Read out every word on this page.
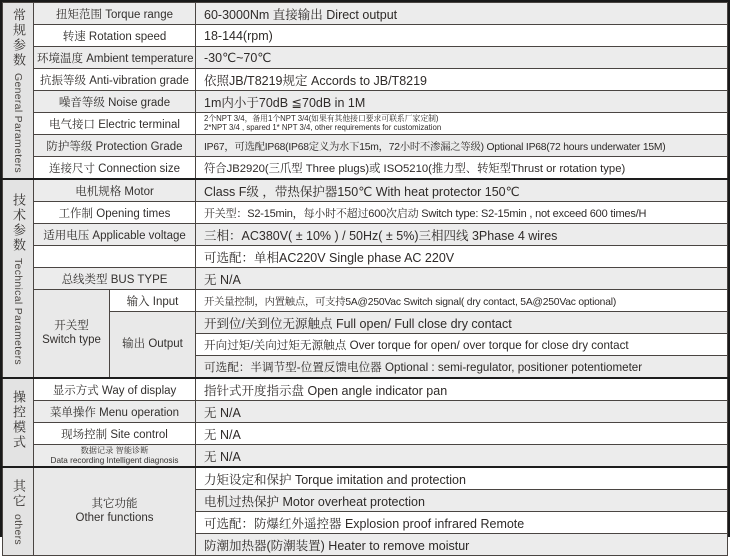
常规参数General Parameters	扭矩范围 Torque range		60-3000Nm 直接输出 Direct output
	转速 Rotation speed		18-144(rpm)
	环境温度 Ambient temperature		-30℃~70℃
	抗振等级 Anti-vibration grade		依照JB/T8219规定 Accords to JB/T8219
	噪音等级 Noise grade		1m内小于70dB ≦70dB in 1M
	电气接口 Electric terminal		2个NPT 3/4，备用1个NPT 3/4(如果有其他接口要求可联系厂家定制)
2*NPT 3/4 , spared 1* NPT 3/4, other requirements for customization

	防护等级 Protection Grade		IP67，可选配IP68(IP68定义为水下15m，72小时不渗漏之等级) Optional IP68(72 hours underwater 15M)
	连接尺寸 Connection size		符合JB2920(三爪型 Three plugs)或 ISO5210(推力型、转矩型Thrust or rotation type)

技术参数Technical Parameters	电机规格 Motor		Class F级 ，带热保护器150℃ With heat protector 150℃
	工作制 Opening times		开关型：S2-15min，每小时不超过600次启动 Switch type: S2-15min , not exceed 600 times/H
	适用电压 Applicable voltage		三相：AC380V( ± 10% ) / 50Hz( ± 5%)三相四线 3Phase 4 wires
			可选配：单相AC220V Single phase AC 220V
	总线类型 BUS TYPE		无 N/A

	开关型
Switch type	输入 Input	开关量控制，内置触点，可支持5A@250Vac Switch signal( dry contact, 5A@250Vac optional)
		输出 Output	开到位/关到位无源触点 Full open/ Full close dry contact
			开向过矩/关向过矩无源触点 Over torque for open/ over torque for close dry contact
			可选配：半调节型-位置反馈电位器 Optional : semi-regulator, positioner potentiometer

操控模式	显示方式 Way of display		指针式开度指示盘 Open angle indicator pan
	菜单操作 Menu operation		无 N/A
	现场控制 Site control		无 N/A

	数据记录 智能诊断
Data recording Intelligent diagnosis		无 N/A

其它others	其它功能
Other functions		力矩设定和保护 Torque imitation and protection
			电机过热保护 Motor overheat protection
			可选配：防爆红外遥控器 Explosion proof infrared Remote
			防潮加热器(防潮装置) Heater to remove moistur
